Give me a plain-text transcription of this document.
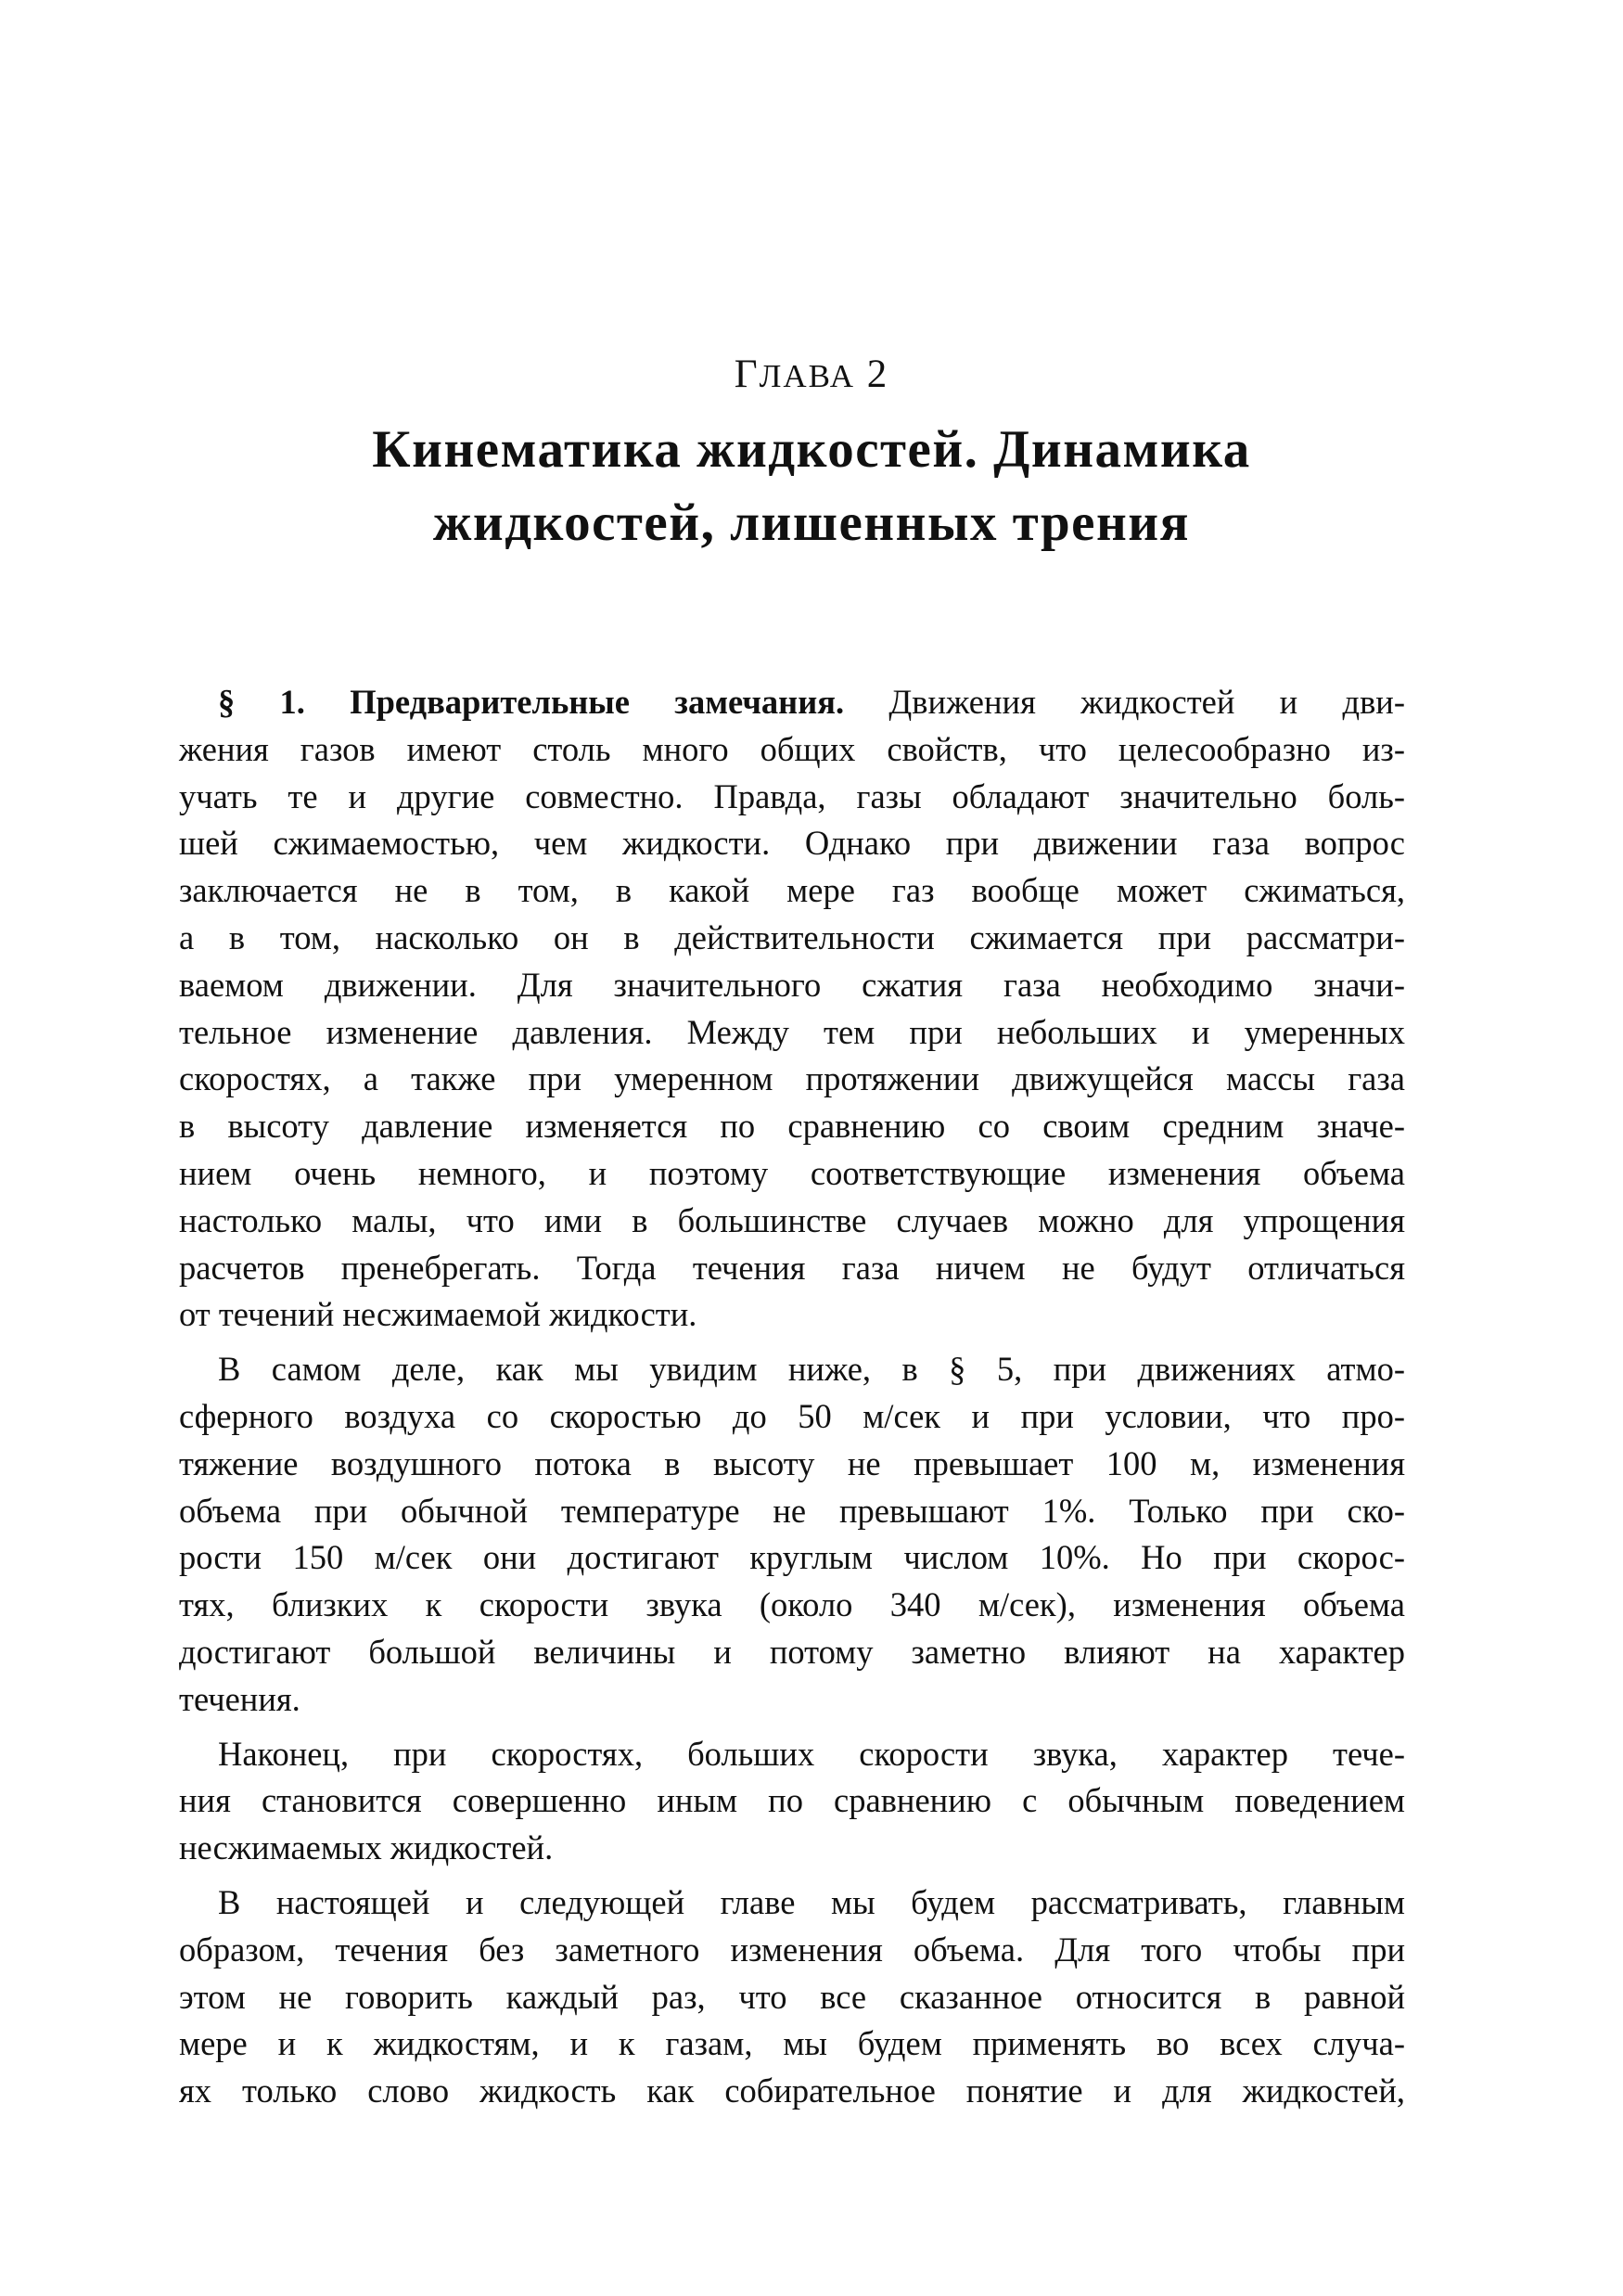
ГЛАВА 2
Кинематика жидкостей. Динамика
жидкостей, лишенных трения

§ 1. Предварительные замечания. Движения жидкостей и дви-
жения газов имеют столь много общих свойств, что целесообразно из-
учать те и другие совместно. Правда, газы обладают значительно боль-
шей сжимаемостью, чем жидкости. Однако при движении газа вопрос
заключается не в том, в какой мере газ вообще может сжиматься,
а в том, насколько он в действительности сжимается при рассматри-
ваемом движении. Для значительного сжатия газа необходимо значи-
тельное изменение давления. Между тем при небольших и умеренных
скоростях, а также при умеренном протяжении движущейся массы газа
в высоту давление изменяется по сравнению со своим средним значе-
нием очень немного, и поэтому соответствующие изменения объема
настолько малы, что ими в большинстве случаев можно для упрощения
расчетов пренебрегать. Тогда течения газа ничем не будут отличаться
от течений несжимаемой жидкости.

В самом деле, как мы увидим ниже, в § 5, при движениях атмо-
сферного воздуха со скоростью до 50 м/сек и при условии, что про-
тяжение воздушного потока в высоту не превышает 100 м, изменения
объема при обычной температуре не превышают 1%. Только при ско-
рости 150 м/сек они достигают круглым числом 10%. Но при скорос-
тях, близких к скорости звука (около 340 м/сек), изменения объема
достигают большой величины и потому заметно влияют на характер
течения.

Наконец, при скоростях, больших скорости звука, характер тече-
ния становится совершенно иным по сравнению с обычным поведением
несжимаемых жидкостей.

В настоящей и следующей главе мы будем рассматривать, главным
образом, течения без заметного изменения объема. Для того чтобы при
этом не говорить каждый раз, что все сказанное относится в равной
мере и к жидкостям, и к газам, мы будем применять во всех случа-
ях только слово жидкость как собирательное понятие и для жидкостей,
